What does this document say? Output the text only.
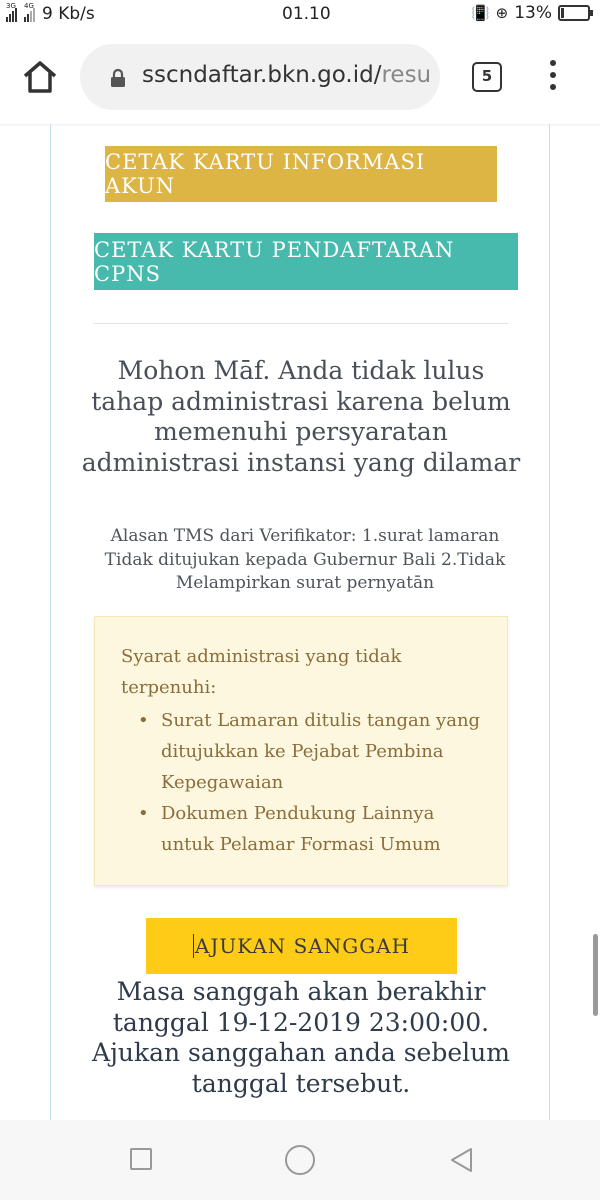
3G 4G 9 Kb/s	01.10	📳 ⊕ 13%
sscndaftar.bkn.go.id/resu	5
CETAK KARTU INFORMASI AKUN
CETAK KARTU PENDAFTARAN CPNS
Mohon Māf. Anda tidak lulus tahap administrasi karena belum memenuhi persyaratan administrasi instansi yang dilamar
Alasan TMS dari Verifikator: 1.surat lamaran Tidak ditujukan kepada Gubernur Bali 2.Tidak Melampirkan surat pernyatān
Syarat administrasi yang tidak terpenuhi:
• Surat Lamaran ditulis tangan yang ditujukkan ke Pejabat Pembina Kepegawaian
• Dokumen Pendukung Lainnya untuk Pelamar Formasi Umum
AJUKAN SANGGAH
Masa sanggah akan berakhir tanggal 19-12-2019 23:00:00. Ajukan sanggahan anda sebelum tanggal tersebut.
